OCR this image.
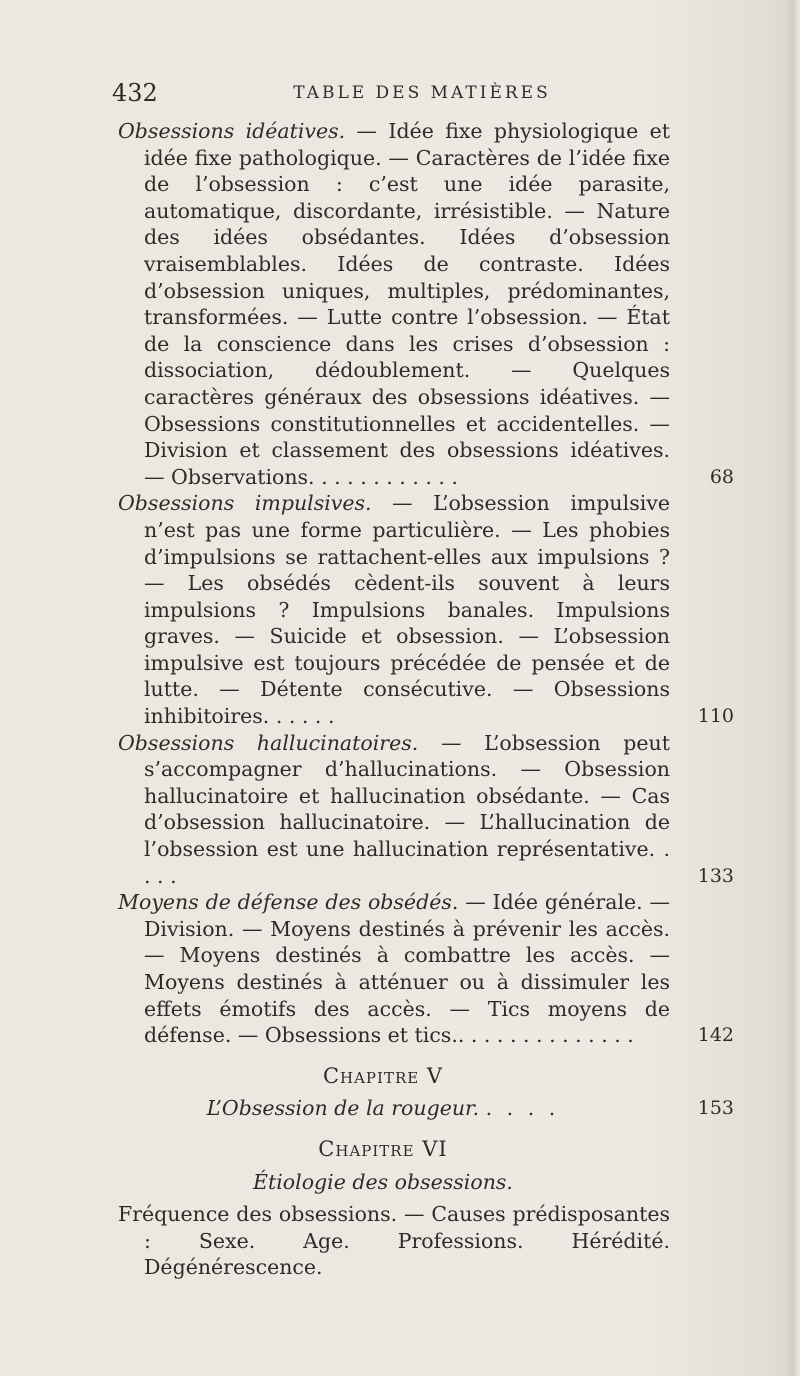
432	TABLE DES MATIÈRES
Obsessions idéatives. — Idée fixe physiologique et idée fixe pathologique. — Caractères de l’idée fixe de l’obsession : c’est une idée parasite, automatique, discordante, irrésistible. — Nature des idées obsédantes. Idées d’obsession vraisemblables. Idées de contraste. Idées d’obsession uniques, multiples, prédominantes, transformées. — Lutte contre l’obsession. — État de la conscience dans les crises d’obsession : dissociation, dédoublement. — Quelques caractères généraux des obsessions idéatives. — Obsessions constitutionnelles et accidentelles. — Division et classement des obsessions idéatives. — Observations. . . . . . . . . . . .	68
Obsessions impulsives. — L’obsession impulsive n’est pas une forme particulière. — Les phobies d’impulsions se rattachent-elles aux impulsions ? — Les obsédés cèdent-ils souvent à leurs impulsions ? Impulsions banales. Impulsions graves. — Suicide et obsession. — L’obsession impulsive est toujours précédée de pensée et de lutte. — Détente consécutive. — Obsessions inhibitoires. . . . . .	110
Obsessions hallucinatoires. — L’obsession peut s’accompagner d’hallucinations. — Obsession hallucinatoire et hallucination obsédante. — Cas d’obsession hallucinatoire. — L’hallucination de l’obsession est une hallucination représentative. . . . .	133
Moyens de défense des obsédés. — Idée générale. — Division. — Moyens destinés à prévenir les accès. — Moyens destinés à combattre les accès. — Moyens destinés à atténuer ou à dissimuler les effets émotifs des accès. — Tics moyens de défense. — Obsessions et tics.. . . . . . . . . . . . . .	142
Chapitre V
L’Obsession de la rougeur. . . . .	153
Chapitre VI
Étiologie des obsessions.
Fréquence des obsessions. — Causes prédisposantes : Sexe. Age. Professions. Hérédité. Dégénérescence.
